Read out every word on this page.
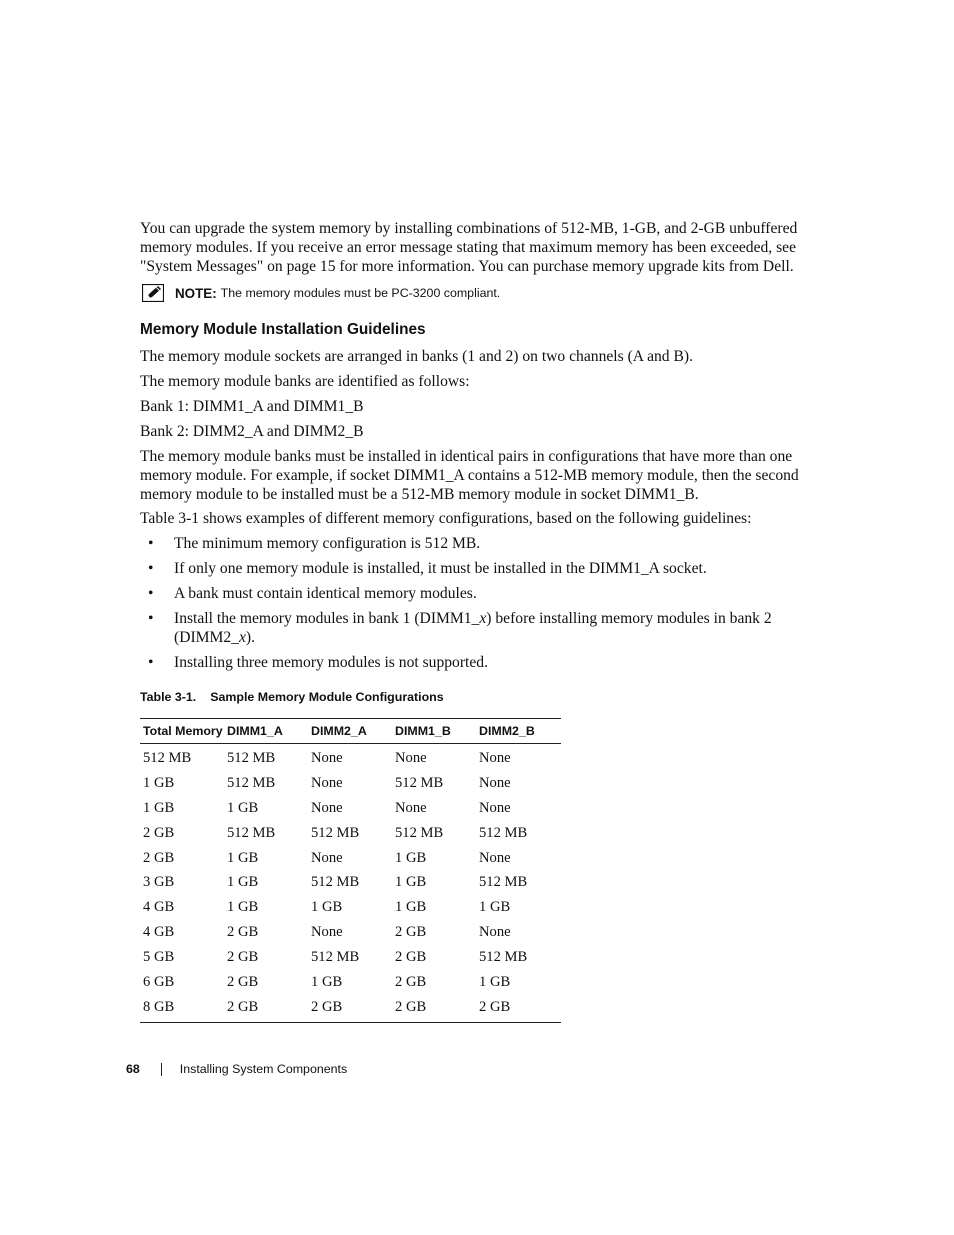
You can upgrade the system memory by installing combinations of 512-MB, 1-GB, and 2-GB unbuffered memory modules. If you receive an error message stating that maximum memory has been exceeded, see "System Messages" on page 15 for more information. You can purchase memory upgrade kits from Dell.

NOTE: The memory modules must be PC-3200 compliant.
Memory Module Installation Guidelines

The memory module sockets are arranged in banks (1 and 2) on two channels (A and B).

The memory module banks are identified as follows:

Bank 1: DIMM1_A and DIMM1_B

Bank 2: DIMM2_A and DIMM2_B

The memory module banks must be installed in identical pairs in configurations that have more than one memory module. For example, if socket DIMM1_A contains a 512-MB memory module, then the second memory module to be installed must be a 512-MB memory module in socket DIMM1_B.

Table 3-1 shows examples of different memory configurations, based on the following guidelines:

• The minimum memory configuration is 512 MB.
• If only one memory module is installed, it must be installed in the DIMM1_A socket.
• A bank must contain identical memory modules.
• Install the memory modules in bank 1 (DIMM1_x) before installing memory modules in bank 2 (DIMM2_x).
• Installing three memory modules is not supported.

Table 3-1. Sample Memory Module Configurations

Total Memory	DIMM1_A	DIMM2_A	DIMM1_B	DIMM2_B
512 MB	512 MB	None	None	None
1 GB	512 MB	None	512 MB	None
1 GB	1 GB	None	None	None
2 GB	512 MB	512 MB	512 MB	512 MB
2 GB	1 GB	None	1 GB	None
3 GB	1 GB	512 MB	1 GB	512 MB
4 GB	1 GB	1 GB	1 GB	1 GB
4 GB	2 GB	None	2 GB	None
5 GB	2 GB	512 MB	2 GB	512 MB
6 GB	2 GB	1 GB	2 GB	1 GB
8 GB	2 GB	2 GB	2 GB	2 GB
68	Installing System Components
